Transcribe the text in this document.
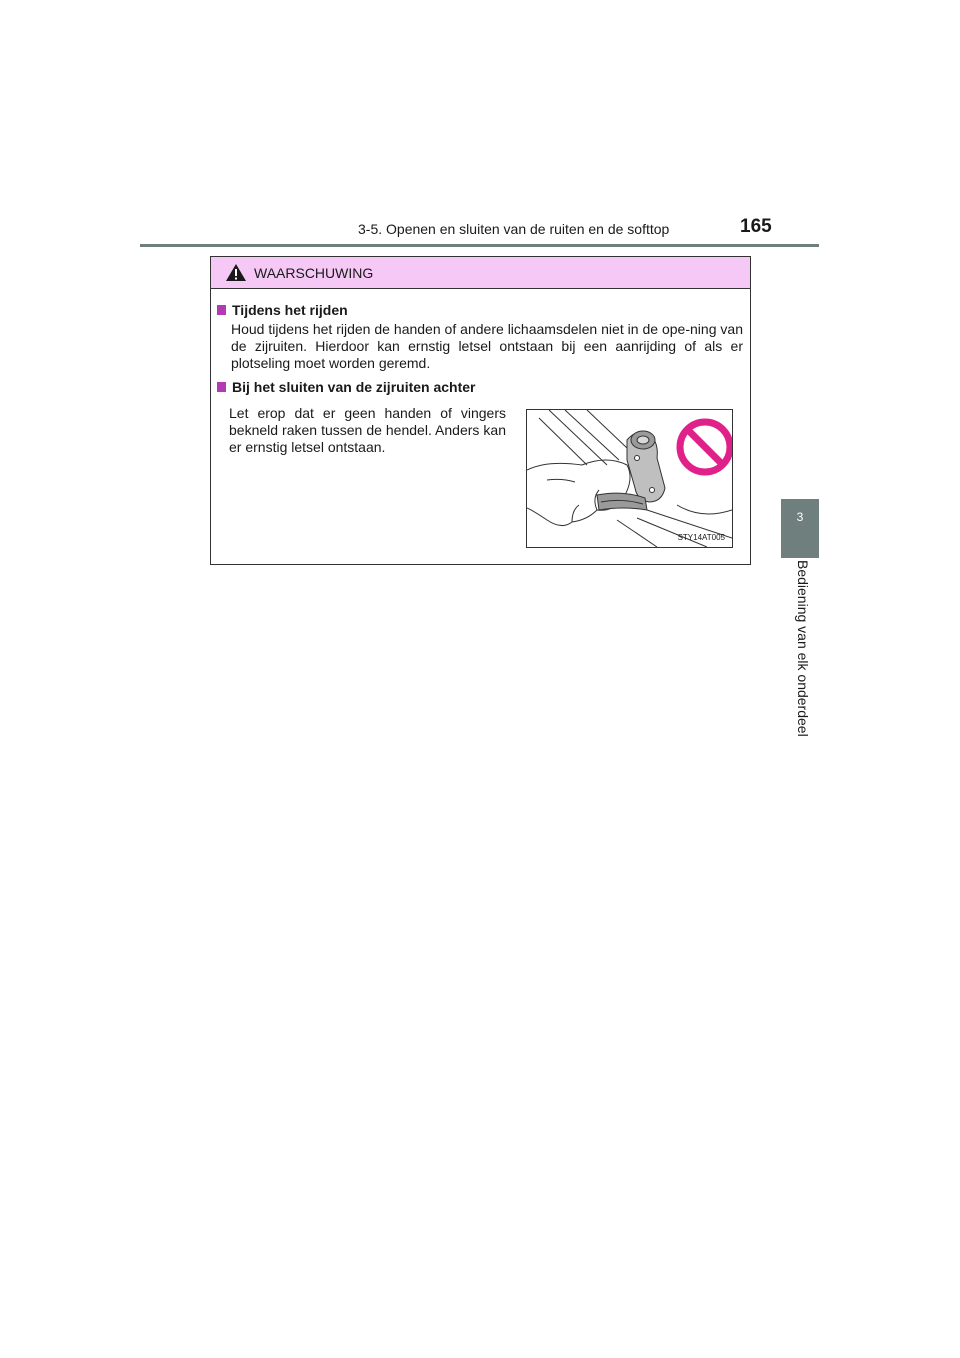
3-5. Openen en sluiten van de ruiten en de softtop	165
3
Bediening van elk onderdeel
WAARSCHUWING
Tijdens het rijden
Houd tijdens het rijden de handen of andere lichaamsdelen niet in de ope-ning van de zijruiten. Hierdoor kan ernstig letsel ontstaan bij een aanrijding of als er plotseling moet worden geremd.
Bij het sluiten van de zijruiten achter
Let erop dat er geen handen of vingers bekneld raken tussen de hendel. Anders kan er ernstig letsel ontstaan.
STY14AT005
